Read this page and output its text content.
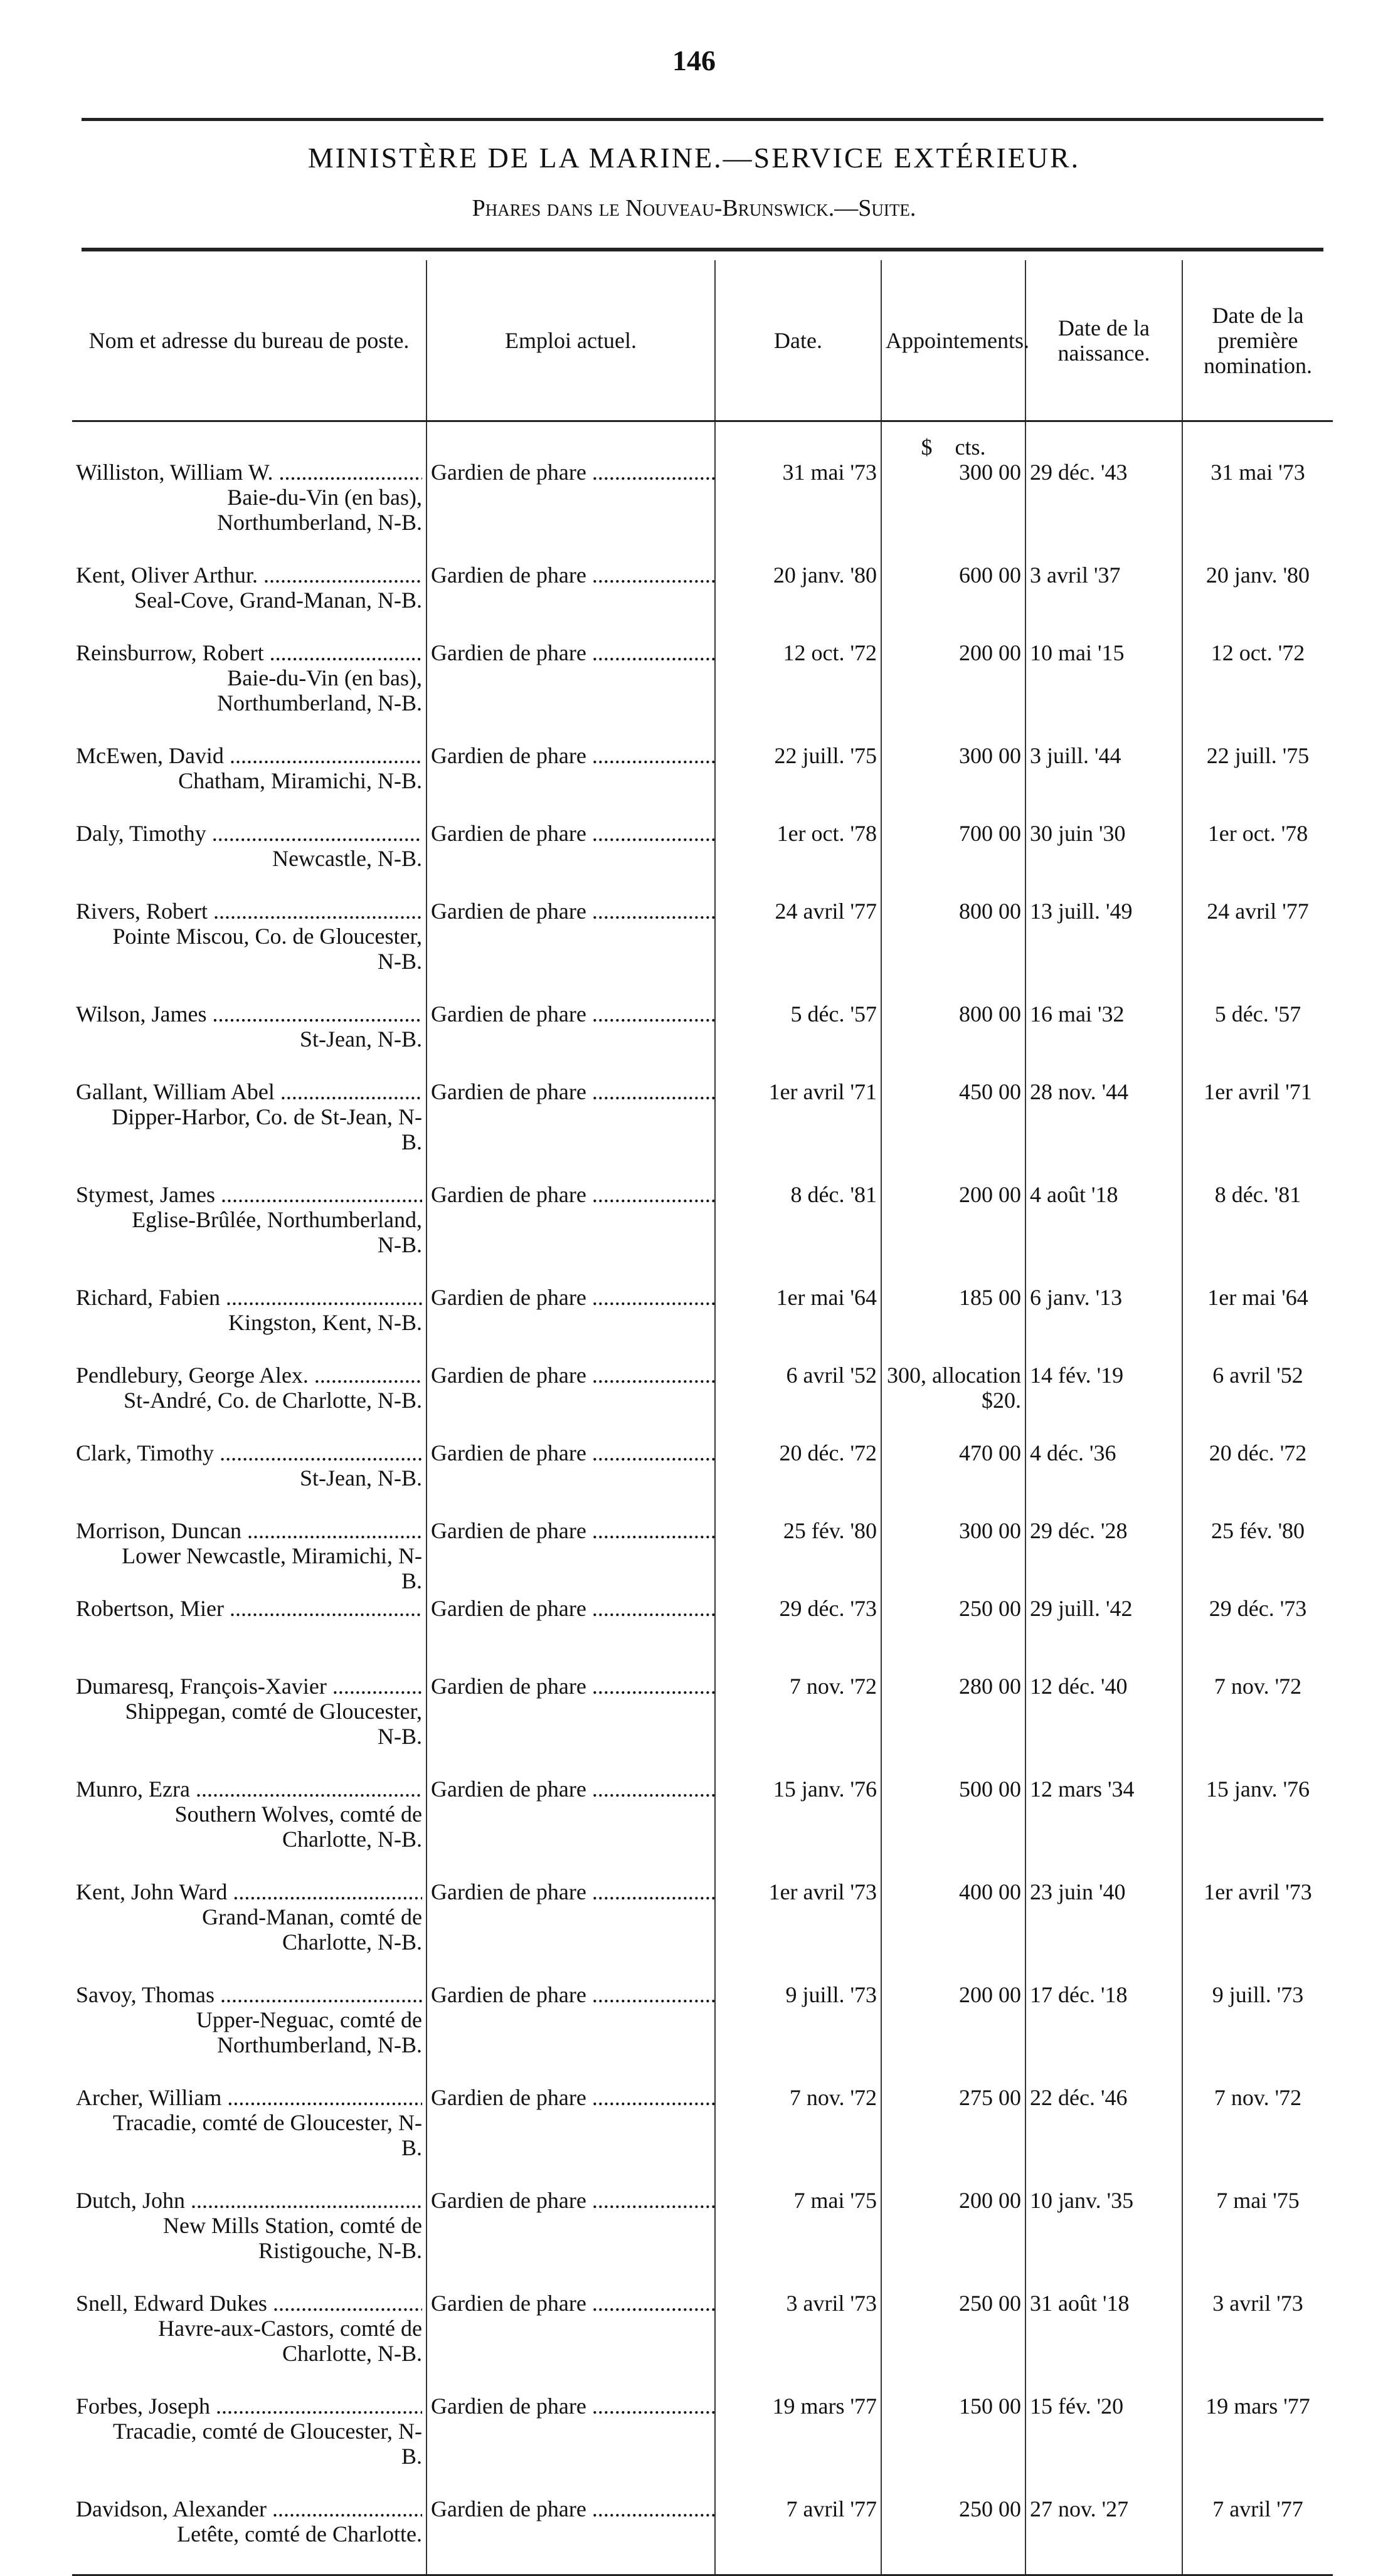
146
MINISTÈRE DE LA MARINE.—SERVICE EXTÉRIEUR.
Phares dans le Nouveau-Brunswick.—Suite.
Nom et adresse du bureau de poste.	Emploi actuel.	Date.	Appointements.	Date de la naissance.	Date de la première nomination.
			$ cts.		

Williston, William W. .....
Baie-du-Vin (en bas), Northumberland, N-B.	Gardien de phare .....	31 mai '73	300 00	29 déc. '43	31 mai '73

Kent, Oliver Arthur. .....
Seal-Cove, Grand-Manan, N-B.	Gardien de phare .....	20 janv. '80	600 00	3 avril '37	20 janv. '80

Reinsburrow, Robert .....
Baie-du-Vin (en bas), Northumberland, N-B.	Gardien de phare .....	12 oct. '72	200 00	10 mai '15	12 oct. '72

McEwen, David .....
Chatham, Miramichi, N-B.	Gardien de phare .....	22 juill. '75	300 00	3 juill. '44	22 juill. '75

Daly, Timothy .....
Newcastle, N-B.	Gardien de phare .....	1er oct. '78	700 00	30 juin '30	1er oct. '78

Rivers, Robert .....
Pointe Miscou, Co. de Gloucester, N-B.	Gardien de phare .....	24 avril '77	800 00	13 juill. '49	24 avril '77

Wilson, James .....
St-Jean, N-B.	Gardien de phare .....	5 déc. '57	800 00	16 mai '32	5 déc. '57

Gallant, William Abel .....
Dipper-Harbor, Co. de St-Jean, N-B.	Gardien de phare .....	1er avril '71	450 00	28 nov. '44	1er avril '71

Stymest, James .....
Eglise-Brûlée, Northumberland, N-B.	Gardien de phare .....	8 déc. '81	200 00	4 août '18	8 déc. '81

Richard, Fabien .....
Kingston, Kent, N-B.	Gardien de phare .....	1er mai '64	185 00	6 janv. '13	1er mai '64

Pendlebury, George Alex. .....
St-André, Co. de Charlotte, N-B.	Gardien de phare .....	6 avril '52	300, allocation $20.	14 fév. '19	6 avril '52

Clark, Timothy .....
St-Jean, N-B.	Gardien de phare .....	20 déc. '72	470 00	4 déc. '36	20 déc. '72

Morrison, Duncan .....
Lower Newcastle, Miramichi, N-B.	Gardien de phare .....	25 fév. '80	300 00	29 déc. '28	25 fév. '80

Robertson, Mier .....	Gardien de phare .....	29 déc. '73	250 00	29 juill. '42	29 déc. '73

Dumaresq, François-Xavier .....
Shippegan, comté de Gloucester, N-B.	Gardien de phare .....	7 nov. '72	280 00	12 déc. '40	7 nov. '72

Munro, Ezra .....
Southern Wolves, comté de Charlotte, N-B.	Gardien de phare .....	15 janv. '76	500 00	12 mars '34	15 janv. '76

Kent, John Ward .....
Grand-Manan, comté de Charlotte, N-B.	Gardien de phare .....	1er avril '73	400 00	23 juin '40	1er avril '73

Savoy, Thomas .....
Upper-Neguac, comté de Northumberland, N-B.	Gardien de phare .....	9 juill. '73	200 00	17 déc. '18	9 juill. '73

Archer, William .....
Tracadie, comté de Gloucester, N-B.	Gardien de phare .....	7 nov. '72	275 00	22 déc. '46	7 nov. '72

Dutch, John .....
New Mills Station, comté de Ristigouche, N-B.	Gardien de phare .....	7 mai '75	200 00	10 janv. '35	7 mai '75

Snell, Edward Dukes .....
Havre-aux-Castors, comté de Charlotte, N-B.	Gardien de phare .....	3 avril '73	250 00	31 août '18	3 avril '73

Forbes, Joseph .....
Tracadie, comté de Gloucester, N-B.	Gardien de phare .....	19 mars '77	150 00	15 fév. '20	19 mars '77

Davidson, Alexander .....
Letête, comté de Charlotte.	Gardien de phare .....	7 avril '77	250 00	27 nov. '27	7 avril '77
